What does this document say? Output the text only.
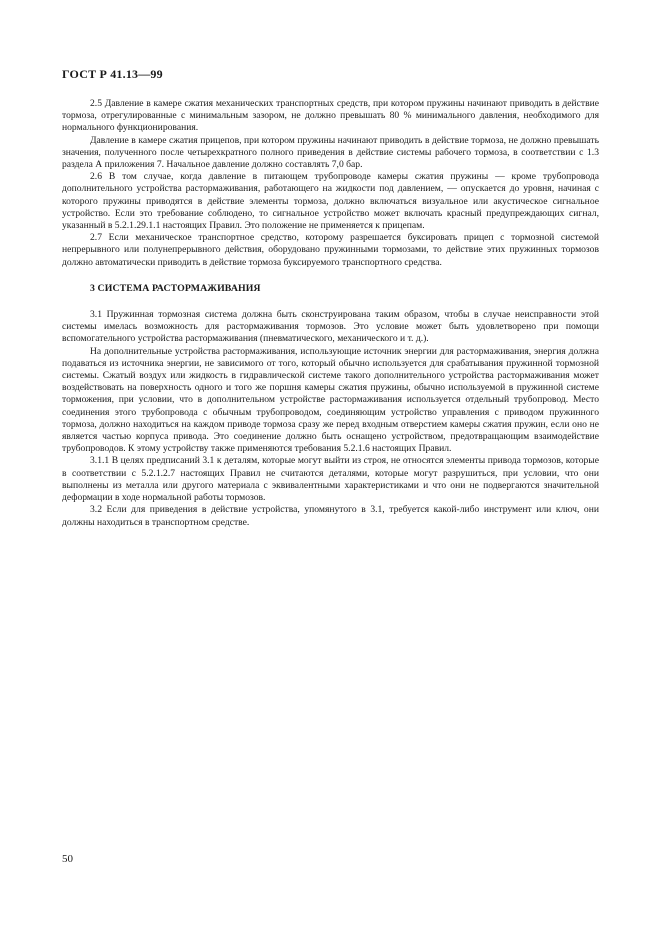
ГОСТ Р 41.13—99

2.5 Давление в камере сжатия механических транспортных средств, при котором пружины начинают приводить в действие тормоза, отрегулированные с минимальным зазором, не должно превышать 80 % минимального давления, необходимого для нормального функционирования.

Давление в камере сжатия прицепов, при котором пружины начинают приводить в действие тормоза, не должно превышать значения, полученного после четырехкратного полного приведения в действие системы рабочего тормоза, в соответствии с 1.3 раздела А приложения 7. Начальное давление должно составлять 7,0 бар.

2.6 В том случае, когда давление в питающем трубопроводе камеры сжатия пружины — кроме трубопровода дополнительного устройства растормаживания, работающего на жидкости под давлением, — опускается до уровня, начиная с которого пружины приводятся в действие элементы тормоза, должно включаться визуальное или акустическое сигнальное устройство. Если это требование соблюдено, то сигнальное устройство может включать красный предупреждающих сигнал, указанный в 5.2.1.29.1.1 настоящих Правил. Это положение не применяется к прицепам.

2.7 Если механическое транспортное средство, которому разрешается буксировать прицеп с тормозной системой непрерывного или полунепрерывного действия, оборудовано пружинными тормозами, то действие этих пружинных тормозов должно автоматически приводить в действие тормоза буксируемого транспортного средства.

3 СИСТЕМА РАСТОРМАЖИВАНИЯ

3.1 Пружинная тормозная система должна быть сконструирована таким образом, чтобы в случае неисправности этой системы имелась возможность для растормаживания тормозов. Это условие может быть удовлетворено при помощи вспомогательного устройства растормаживания (пневматического, механического и т. д.).

На дополнительные устройства растормаживания, использующие источник энергии для растормаживания, энергия должна подаваться из источника энергии, не зависимого от того, который обычно используется для срабатывания пружинной тормозной системы. Сжатый воздух или жидкость в гидравлической системе такого дополнительного устройства растормаживания может воздействовать на поверхность одного и того же поршня камеры сжатия пружины, обычно используемой в пружинной системе торможения, при условии, что в дополнительном устройстве растормаживания используется отдельный трубопровод. Место соединения этого трубопровода с обычным трубопроводом, соединяющим устройство управления с приводом пружинного тормоза, должно находиться на каждом приводе тормоза сразу же перед входным отверстием камеры сжатия пружин, если оно не является частью корпуса привода. Это соединение должно быть оснащено устройством, предотвращающим взаимодействие трубопроводов. К этому устройству также применяются требования 5.2.1.6 настоящих Правил.

3.1.1 В целях предписаний 3.1 к деталям, которые могут выйти из строя, не относятся элементы привода тормозов, которые в соответствии с 5.2.1.2.7 настоящих Правил не считаются деталями, которые могут разрушиться, при условии, что они выполнены из металла или другого материала с эквивалентными характеристиками и что они не подвергаются значительной деформации в ходе нормальной работы тормозов.

3.2 Если для приведения в действие устройства, упомянутого в 3.1, требуется какой-либо инструмент или ключ, они должны находиться в транспортном средстве.

50
